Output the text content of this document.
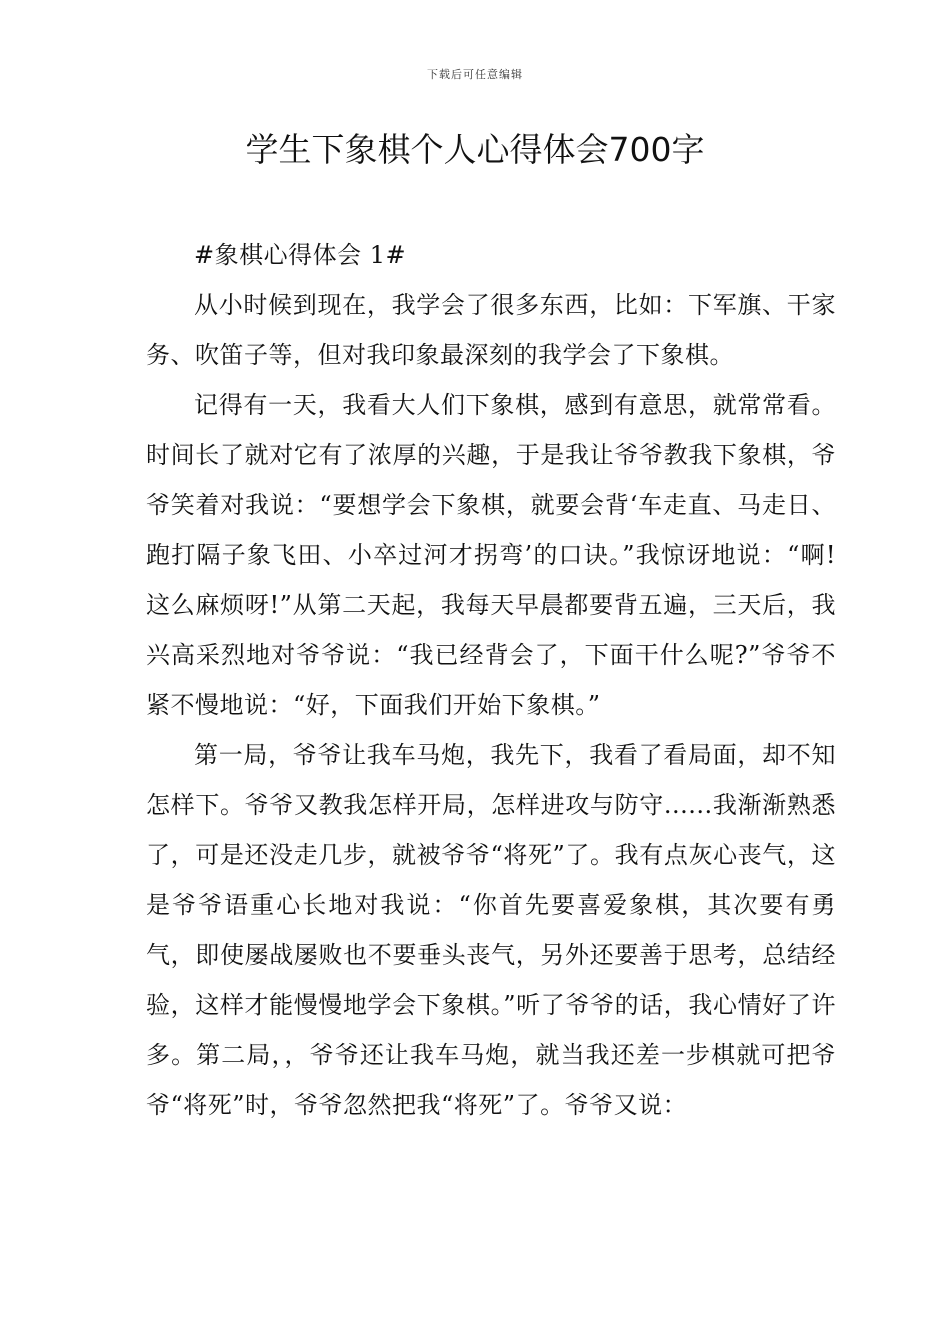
下载后可任意编辑
学生下象棋个人心得体会700字

#象棋心得体会 1#

从小时候到现在，我学会了很多东西，比如：下军旗、干家务、吹笛子等，但对我印象最深刻的我学会了下象棋。

记得有一天，我看大人们下象棋，感到有意思，就常常看。时间长了就对它有了浓厚的兴趣，于是我让爷爷教我下象棋，爷爷笑着对我说：“要想学会下象棋，就要会背‘车走直、马走日、跑打隔子象飞田、小卒过河才拐弯’的口诀。”我惊讶地说：“啊!这么麻烦呀!”从第二天起，我每天早晨都要背五遍，三天后，我兴高采烈地对爷爷说：“我已经背会了，下面干什么呢?”爷爷不紧不慢地说：“好，下面我们开始下象棋。”

第一局，爷爷让我车马炮，我先下，我看了看局面，却不知怎样下。爷爷又教我怎样开局，怎样进攻与防守......我渐渐熟悉了，可是还没走几步，就被爷爷“将死”了。我有点灰心丧气，这是爷爷语重心长地对我说：“你首先要喜爱象棋，其次要有勇气，即使屡战屡败也不要垂头丧气，另外还要善于思考，总结经验，这样才能慢慢地学会下象棋。”听了爷爷的话，我心情好了许多。第二局，，爷爷还让我车马炮，就当我还差一步棋就可把爷爷“将死”时，爷爷忽然把我“将死”了。爷爷又说：
